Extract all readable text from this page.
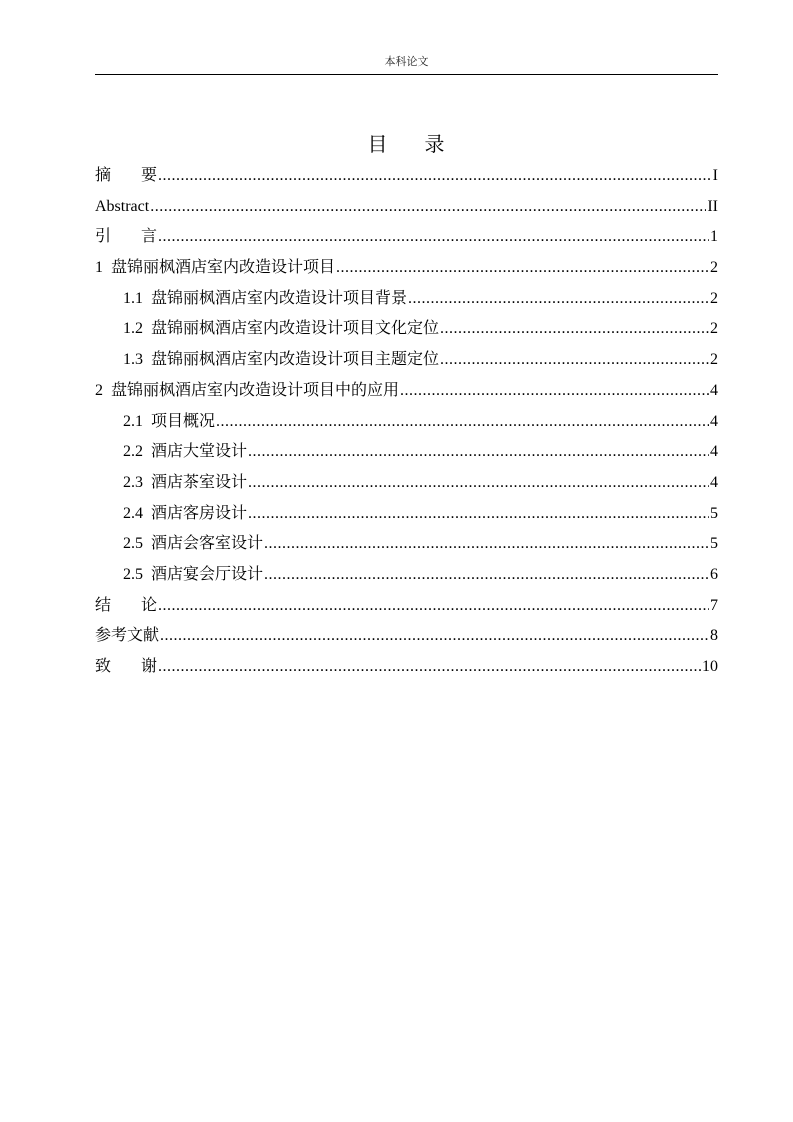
本科论文
目 录
摘 要 .....	I
Abstract .....	II
引 言 .....	1
1 盘锦丽枫酒店室内改造设计项目 .....	2
1.1 盘锦丽枫酒店室内改造设计项目背景 .....	2
1.2 盘锦丽枫酒店室内改造设计项目文化定位 .....	2
1.3 盘锦丽枫酒店室内改造设计项目主题定位 .....	2
2 盘锦丽枫酒店室内改造设计项目中的应用 .....	4
2.1 项目概况 .....	4
2.2 酒店大堂设计 .....	4
2.3 酒店茶室设计 .....	4
2.4 酒店客房设计 .....	5
2.5 酒店会客室设计 .....	5
2.5 酒店宴会厅设计 .....	6
结 论 .....	7
参考文献 .....	8
致 谢 .....	10
